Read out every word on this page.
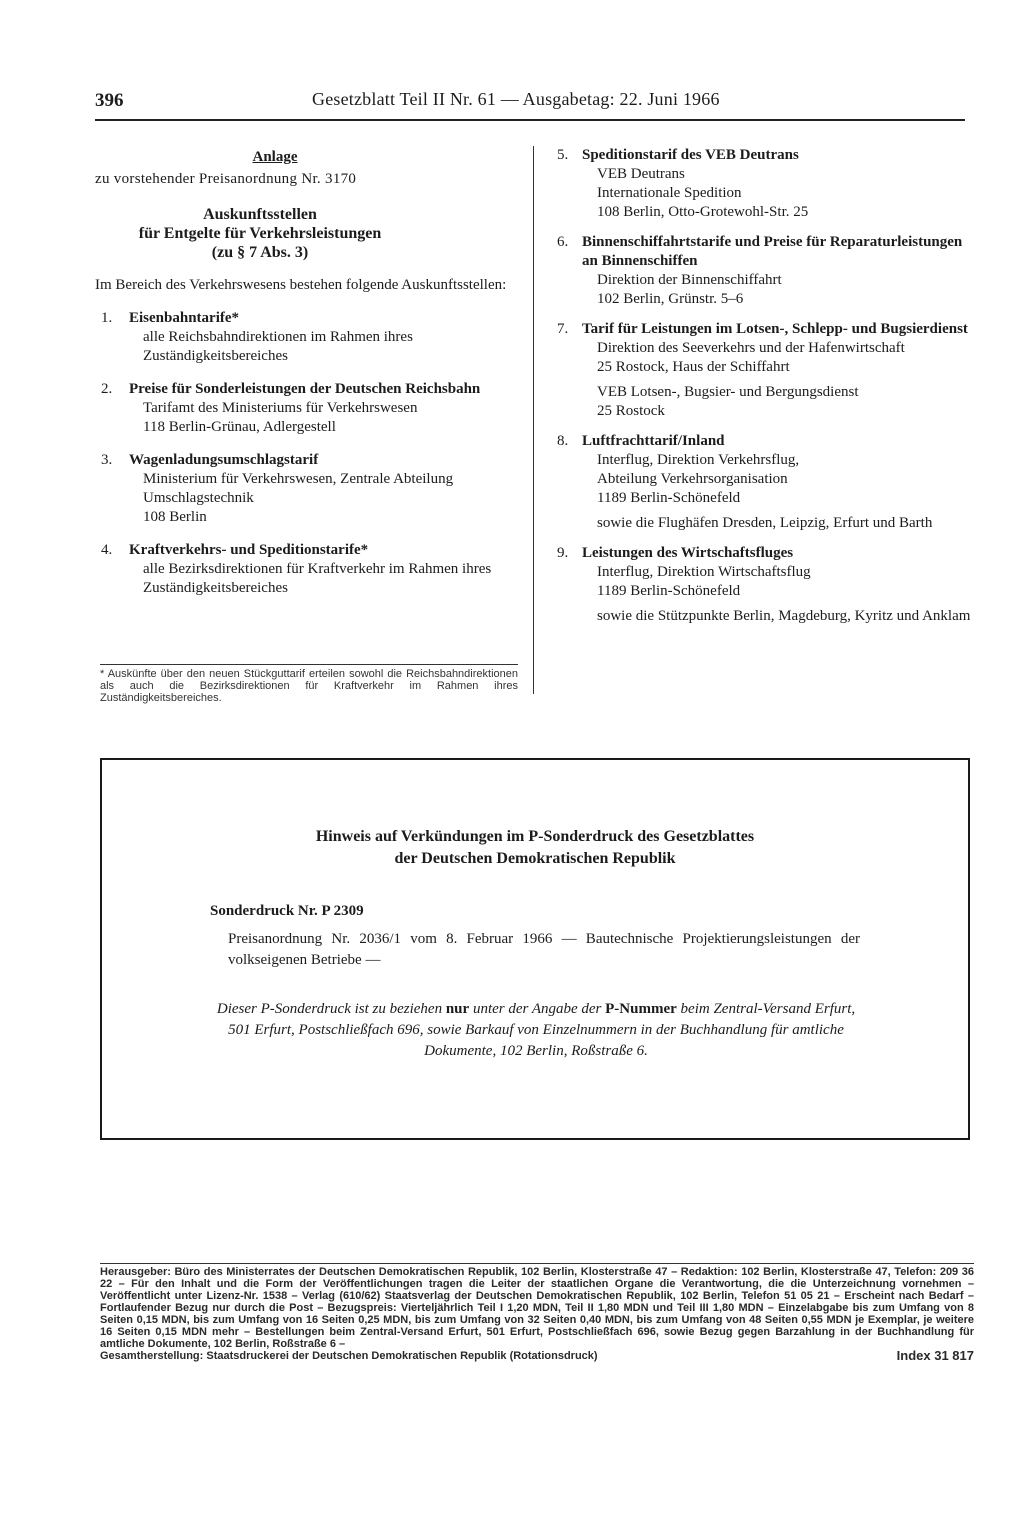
396	Gesetzblatt Teil II Nr. 61 — Ausgabetag: 22. Juni 1966
Anlage
zu vorstehender Preisanordnung Nr. 3170
Auskunftsstellen
für Entgelte für Verkehrsleistungen
(zu § 7 Abs. 3)
Im Bereich des Verkehrswesens bestehen folgende Auskunftsstellen:
1. Eisenbahntarife*
alle Reichsbahndirektionen im Rahmen ihres Zuständigkeitsbereiches
2. Preise für Sonderleistungen der Deutschen Reichsbahn
Tarifamt des Ministeriums für Verkehrswesen
118 Berlin-Grünau, Adlergestell
3. Wagenladungsumschlagstarif
Ministerium für Verkehrswesen, Zentrale Abteilung Umschlagstechnik
108 Berlin
4. Kraftverkehrs- und Speditionstarife*
alle Bezirksdirektionen für Kraftverkehr im Rahmen ihres Zuständigkeitsbereiches
* Auskünfte über den neuen Stückguttarif erteilen sowohl die Reichsbahndirektionen als auch die Bezirksdirektionen für Kraftverkehr im Rahmen ihres Zuständigkeitsbereiches.
5. Speditionstarif des VEB Deutrans

VEB Deutrans
Internationale Spedition
108 Berlin, Otto-Grotewohl-Str. 25

6. Binnenschiffahrtstarife und Preise für Reparaturleistungen an Binnenschiffen

Direktion der Binnenschiffahrt
102 Berlin, Grünstr. 5–6

7. Tarif für Leistungen im Lotsen-, Schlepp- und Bugsierdienst

Direktion des Seeverkehrs und der Hafenwirtschaft
25 Rostock, Haus der Schiffahrt

VEB Lotsen-, Bugsier- und Bergungsdienst
25 Rostock

8. Luftfrachttarif/Inland

Interflug, Direktion Verkehrsflug,
Abteilung Verkehrsorganisation
1189 Berlin-Schönefeld

sowie die Flughäfen Dresden, Leipzig, Erfurt und Barth

9. Leistungen des Wirtschaftsfluges

Interflug, Direktion Wirtschaftsflug
1189 Berlin-Schönefeld

sowie die Stützpunkte Berlin, Magdeburg, Kyritz und Anklam

Hinweis auf Verkündungen im P-Sonderdruck des Gesetzblattes
der Deutschen Demokratischen Republik
Sonderdruck Nr. P 2309
Preisanordnung Nr. 2036/1 vom 8. Februar 1966 — Bautechnische Projektierungsleistungen der volkseigenen Betriebe —
Dieser P-Sonderdruck ist zu beziehen nur unter der Angabe der P-Nummer beim Zentral-Versand Erfurt, 501 Erfurt, Postschließfach 696, sowie Barkauf von Einzelnummern in der Buchhandlung für amtliche Dokumente, 102 Berlin, Roßstraße 6.
Herausgeber: Büro des Ministerrates der Deutschen Demokratischen Republik, 102 Berlin, Klosterstraße 47 – Redaktion: 102 Berlin, Klosterstraße 47, Telefon: 209 36 22 – Für den Inhalt und die Form der Veröffentlichungen tragen die Leiter der staatlichen Organe die Verantwortung, die die Unterzeichnung vornehmen – Veröffentlicht unter Lizenz-Nr. 1538 – Verlag (610/62) Staatsverlag der Deutschen Demokratischen Republik, 102 Berlin, Telefon 51 05 21 – Erscheint nach Bedarf – Fortlaufender Bezug nur durch die Post – Bezugspreis: Vierteljährlich Teil I 1,20 MDN, Teil II 1,80 MDN und Teil III 1,80 MDN – Einzelabgabe bis zum Umfang von 8 Seiten 0,15 MDN, bis zum Umfang von 16 Seiten 0,25 MDN, bis zum Umfang von 32 Seiten 0,40 MDN, bis zum Umfang von 48 Seiten 0,55 MDN je Exemplar, je weitere 16 Seiten 0,15 MDN mehr – Bestellungen beim Zentral-Versand Erfurt, 501 Erfurt, Postschließfach 696, sowie Bezug gegen Barzahlung in der Buchhandlung für amtliche Dokumente, 102 Berlin, Roßstraße 6 –
Gesamtherstellung: Staatsdruckerei der Deutschen Demokratischen Republik (Rotationsdruck)	Index 31 817
